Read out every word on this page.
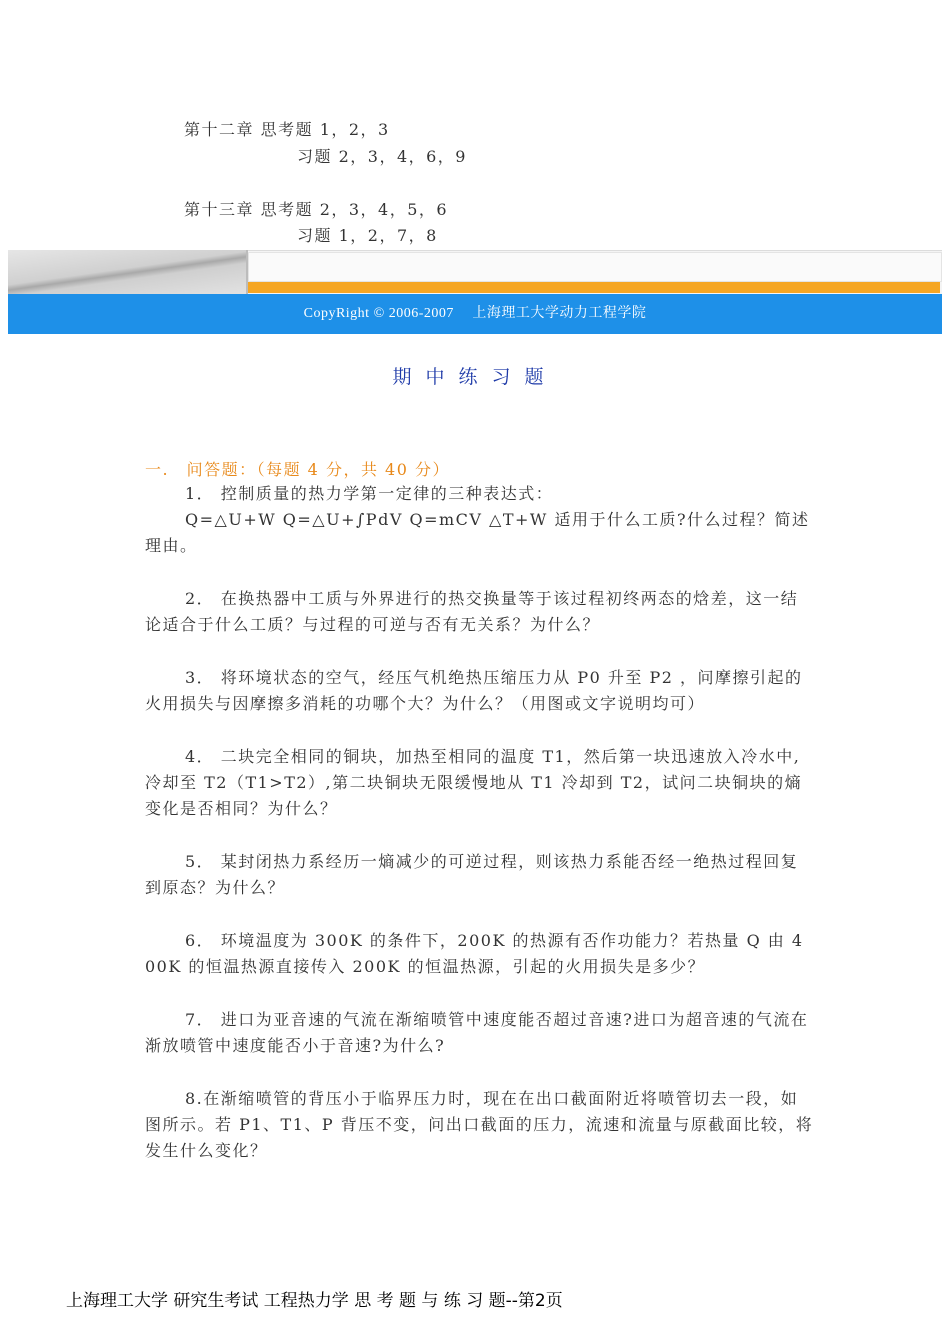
第十二章 思考题 1，2，3
习题 2，3，4，6，9
第十三章 思考题 2，3，4，5，6
习题 1，2，7，8
CopyRight © 2006-2007　 上海理工大学动力工程学院
期中练习题
一.　问答题：（每题 4 分，共 40 分）
1． 控制质量的热力学第一定律的三种表达式：
Q=△U+W Q=△U+∫PdV Q=mCV △T+W 适用于什么工质?什么过程？简述理由。
2． 在换热器中工质与外界进行的热交换量等于该过程初终两态的焓差，这一结论适合于什么工质？与过程的可逆与否有无关系？为什么？
3． 将环境状态的空气，经压气机绝热压缩压力从 P0 升至 P2 ，问摩擦引起的火用损失与因摩擦多消耗的功哪个大？为什么？（用图或文字说明均可）
4． 二块完全相同的铜块，加热至相同的温度 T1，然后第一块迅速放入冷水中,冷却至 T2（T1>T2）,第二块铜块无限缓慢地从 T1 冷却到 T2，试问二块铜块的熵变化是否相同？为什么？
5． 某封闭热力系经历一熵减少的可逆过程，则该热力系能否经一绝热过程回复到原态？为什么？
6． 环境温度为 300K 的条件下，200K 的热源有否作功能力？若热量 Q 由 400K 的恒温热源直接传入 200K 的恒温热源，引起的火用损失是多少？
7． 进口为亚音速的气流在渐缩喷管中速度能否超过音速?进口为超音速的气流在渐放喷管中速度能否小于音速?为什么?
8.在渐缩喷管的背压小于临界压力时，现在在出口截面附近将喷管切去一段，如图所示。若 P1、T1、P 背压不变，问出口截面的压力，流速和流量与原截面比较，将发生什么变化？
上海理工大学 研究生考试 工程热力学 思 考 题 与 练 习 题--第2页
